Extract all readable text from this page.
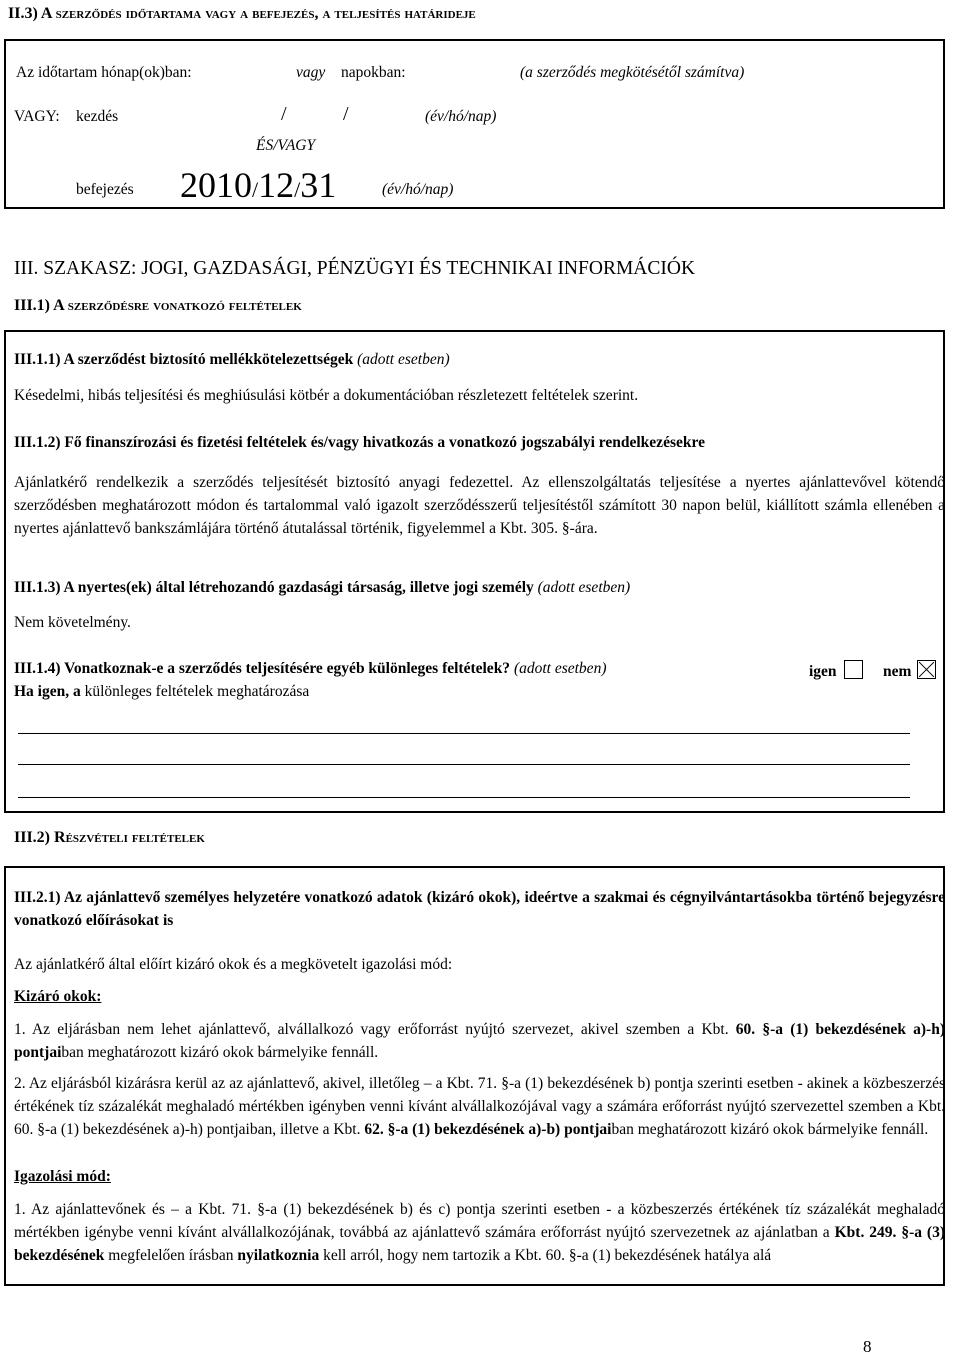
II.3) A szerződés időtartama vagy a befejezés, a teljesítés határideje
Az időtartam hónap(ok)ban:	vagy napokban:	(a szerződés megkötésétől számítva)
VAGY: kezdés	/	/	(év/hó/nap)
ÉS/VAGY
befejezés 2010/12/31	(év/hó/nap)
III. SZAKASZ: JOGI, GAZDASÁGI, PÉNZÜGYI ÉS TECHNIKAI INFORMÁCIÓK
III.1) A szerződésre vonatkozó feltételek
III.1.1) A szerződést biztosító mellékkötelezettségek (adott esetben)
Késedelmi, hibás teljesítési és meghiúsulási kötbér a dokumentációban részletezett feltételek szerint.
III.1.2) Fő finanszírozási és fizetési feltételek és/vagy hivatkozás a vonatkozó jogszabályi rendelkezésekre
Ajánlatkérő rendelkezik a szerződés teljesítését biztosító anyagi fedezettel. Az ellenszolgáltatás teljesítése a nyertes ajánlattevővel kötendő szerződésben meghatározott módon és tartalommal való igazolt szerződésszerű teljesítéstől számított 30 napon belül, kiállított számla ellenében a nyertes ajánlattevő bankszámlájára történő átutalással történik, figyelemmel a Kbt. 305. §-ára.
III.1.3) A nyertes(ek) által létrehozandó gazdasági társaság, illetve jogi személy (adott esetben)
Nem követelmény.
III.1.4) Vonatkoznak-e a szerződés teljesítésére egyéb különleges feltételek? (adott esetben)	igen	nem
Ha igen, a különleges feltételek meghatározása
III.2) Részvételi feltételek
III.2.1) Az ajánlattevő személyes helyzetére vonatkozó adatok (kizáró okok), ideértve a szakmai és cégnyilvántartásokba történő bejegyzésre vonatkozó előírásokat is
Az ajánlatkérő által előírt kizáró okok és a megkövetelt igazolási mód:
Kizáró okok:
1. Az eljárásban nem lehet ajánlattevő, alvállalkozó vagy erőforrást nyújtó szervezet, akivel szemben a Kbt. 60. §-a (1) bekezdésének a)-h) pontjaiban meghatározott kizáró okok bármelyike fennáll.
2. Az eljárásból kizárásra kerül az az ajánlattevő, akivel, illetőleg – a Kbt. 71. §-a (1) bekezdésének b) pontja szerinti esetben - akinek a közbeszerzés értékének tíz százalékát meghaladó mértékben igényben venni kívánt alvállalkozójával vagy a számára erőforrást nyújtó szervezettel szemben a Kbt. 60. §-a (1) bekezdésének a)-h) pontjaiban, illetve a Kbt. 62. §-a (1) bekezdésének a)-b) pontjaiban meghatározott kizáró okok bármelyike fennáll.
Igazolási mód:
1. Az ajánlattevőnek és – a Kbt. 71. §-a (1) bekezdésének b) és c) pontja szerinti esetben - a közbeszerzés értékének tíz százalékát meghaladó mértékben igénybe venni kívánt alvállalkozójának, továbbá az ajánlattevő számára erőforrást nyújtó szervezetnek az ajánlatban a Kbt. 249. §-a (3) bekezdésének megfelelően írásban nyilatkoznia kell arról, hogy nem tartozik a Kbt. 60. §-a (1) bekezdésének hatálya alá
8
